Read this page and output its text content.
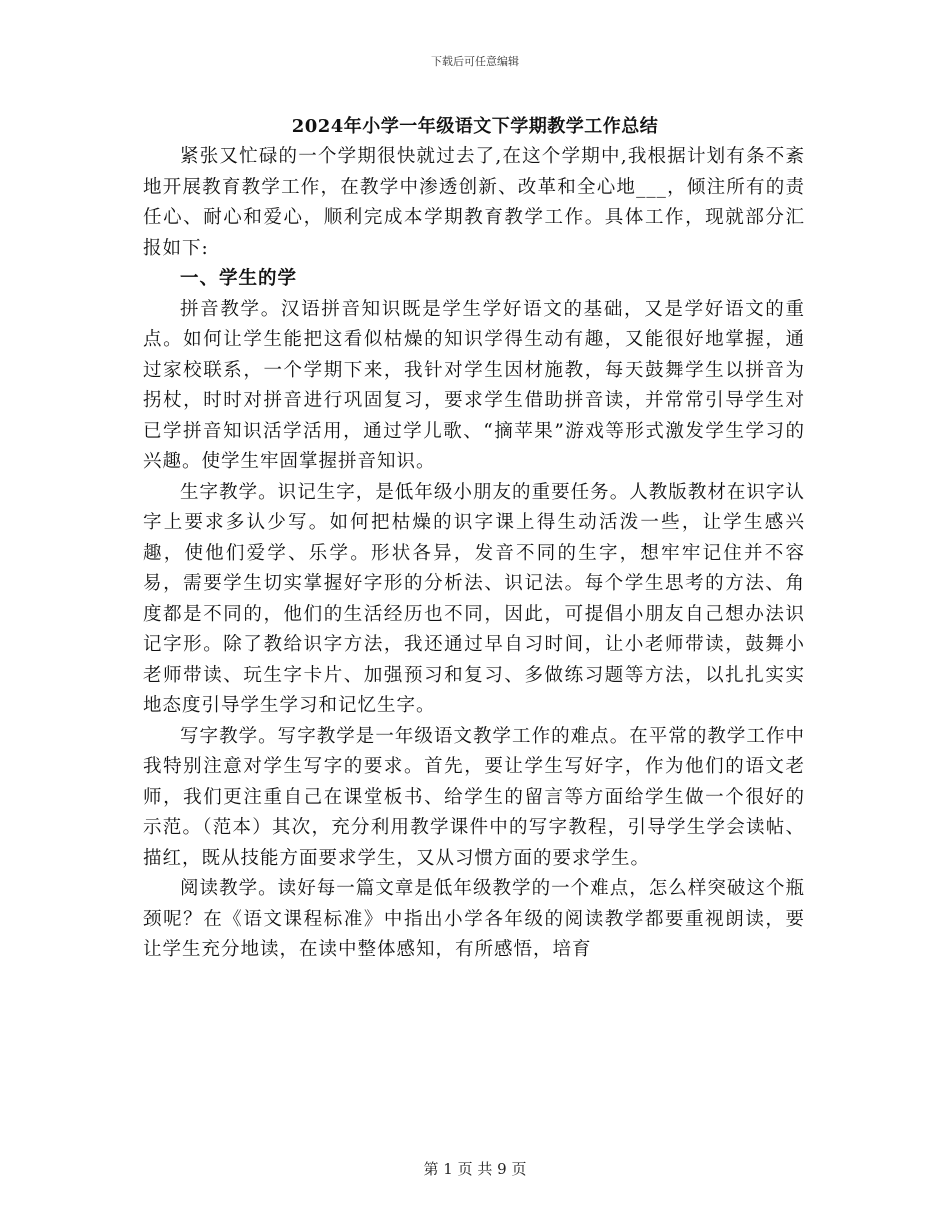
下载后可任意编辑
2024年小学一年级语文下学期教学工作总结

紧张又忙碌的一个学期很快就过去了,在这个学期中,我根据计划有条不紊地开展教育教学工作，在教学中渗透创新、改革和全心地___，倾注所有的责任心、耐心和爱心，顺利完成本学期教育教学工作。具体工作，现就部分汇报如下:

一、学生的学

拼音教学。汉语拼音知识既是学生学好语文的基础，又是学好语文的重点。如何让学生能把这看似枯燥的知识学得生动有趣，又能很好地掌握，通过家校联系，一个学期下来，我针对学生因材施教，每天鼓舞学生以拼音为拐杖，时时对拼音进行巩固复习，要求学生借助拼音读，并常常引导学生对已学拼音知识活学活用，通过学儿歌、“摘苹果”游戏等形式激发学生学习的兴趣。使学生牢固掌握拼音知识。

生字教学。识记生字，是低年级小朋友的重要任务。人教版教材在识字认字上要求多认少写。如何把枯燥的识字课上得生动活泼一些，让学生感兴趣，使他们爱学、乐学。形状各异，发音不同的生字，想牢牢记住并不容易，需要学生切实掌握好字形的分析法、识记法。每个学生思考的方法、角度都是不同的，他们的生活经历也不同，因此，可提倡小朋友自己想办法识记字形。除了教给识字方法，我还通过早自习时间，让小老师带读，鼓舞小老师带读、玩生字卡片、加强预习和复习、多做练习题等方法，以扎扎实实地态度引导学生学习和记忆生字。

写字教学。写字教学是一年级语文教学工作的难点。在平常的教学工作中我特别注意对学生写字的要求。首先，要让学生写好字，作为他们的语文老师，我们更注重自己在课堂板书、给学生的留言等方面给学生做一个很好的示范。（范本）其次，充分利用教学课件中的写字教程，引导学生学会读帖、描红，既从技能方面要求学生，又从习惯方面的要求学生。

阅读教学。读好每一篇文章是低年级教学的一个难点，怎么样突破这个瓶颈呢？在《语文课程标准》中指出小学各年级的阅读教学都要重视朗读，要让学生充分地读，在读中整体感知，有所感悟，培育

第 1 页 共 9 页
